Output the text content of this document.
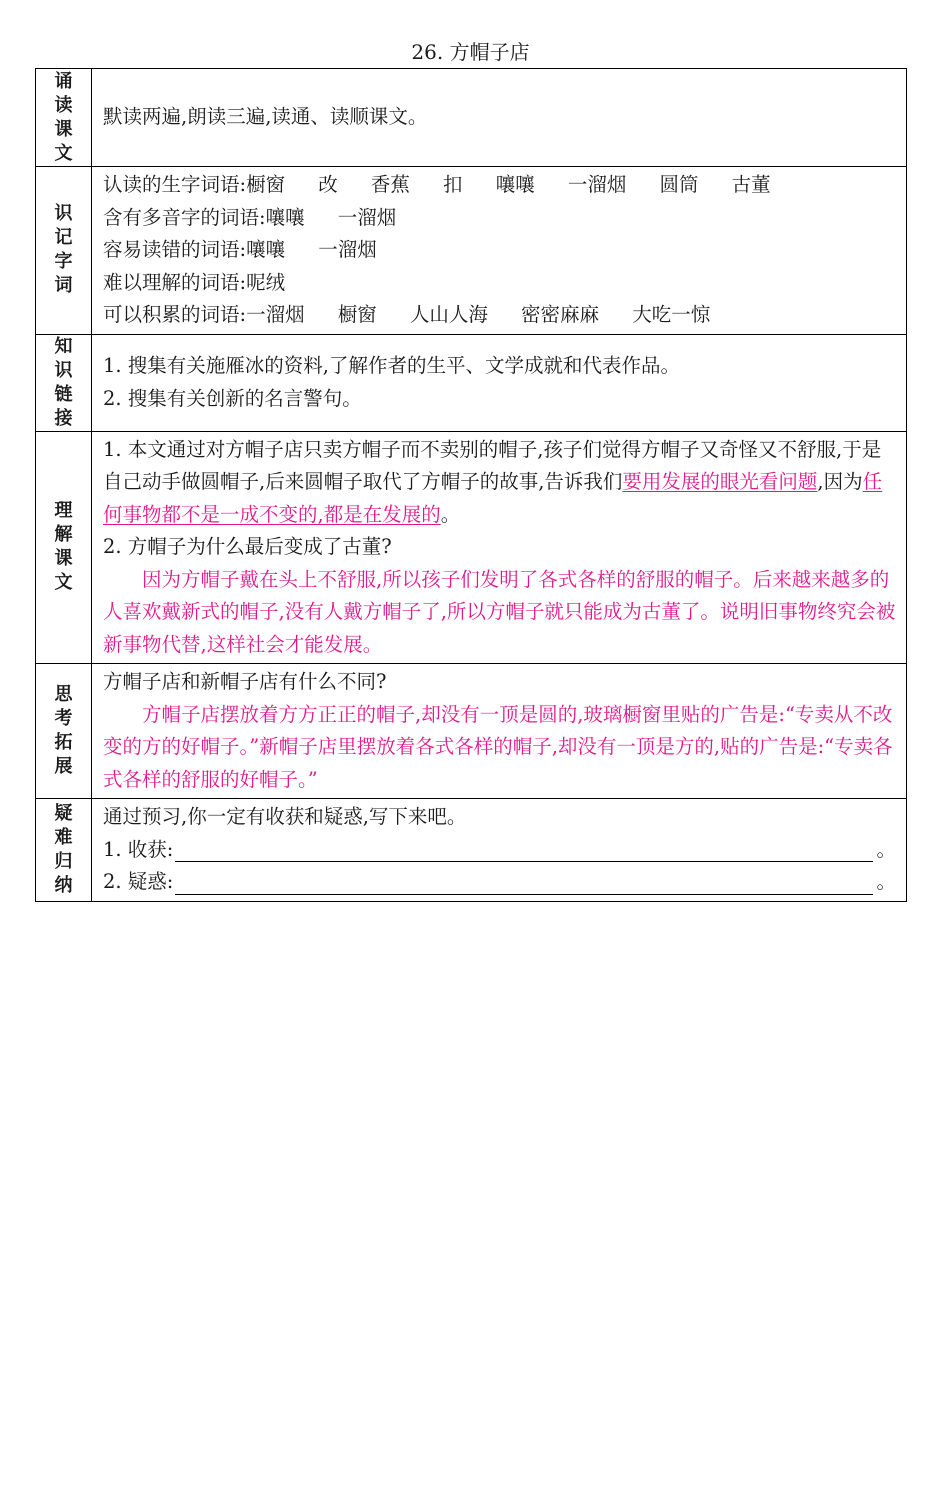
26. 方帽子店
诵读课文	默读两遍,朗读三遍,读通、读顺课文。

识记字词	认读的生字词语:橱窗 改 香蕉 扣 嚷嚷 一溜烟 圆筒 古董
含有多音字的词语:嚷嚷 一溜烟
容易读错的词语:嚷嚷 一溜烟
难以理解的词语:呢绒
可以积累的词语:一溜烟 橱窗 人山人海 密密麻麻 大吃一惊

知识链接	1. 搜集有关施雁冰的资料,了解作者的生平、文学成就和代表作品。
2. 搜集有关创新的名言警句。

理解课文	1. 本文通过对方帽子店只卖方帽子而不卖别的帽子,孩子们觉得方帽子又奇怪又不舒服,于是自己动手做圆帽子,后来圆帽子取代了方帽子的故事,告诉我们要用发展的眼光看问题,因为任何事物都不是一成不变的,都是在发展的。
2. 方帽子为什么最后变成了古董?
因为方帽子戴在头上不舒服,所以孩子们发明了各式各样的舒服的帽子。后来越来越多的人喜欢戴新式的帽子,没有人戴方帽子了,所以方帽子就只能成为古董了。说明旧事物终究会被新事物代替,这样社会才能发展。

思考拓展	方帽子店和新帽子店有什么不同?
方帽子店摆放着方方正正的帽子,却没有一顶是圆的,玻璃橱窗里贴的广告是:“专卖从不改变的方的好帽子。”新帽子店里摆放着各式各样的帽子,却没有一顶是方的,贴的广告是:“专卖各式各样的舒服的好帽子。”

疑难归纳	通过预习,你一定有收获和疑惑,写下来吧。
1. 收获: 。
2. 疑惑: 。
